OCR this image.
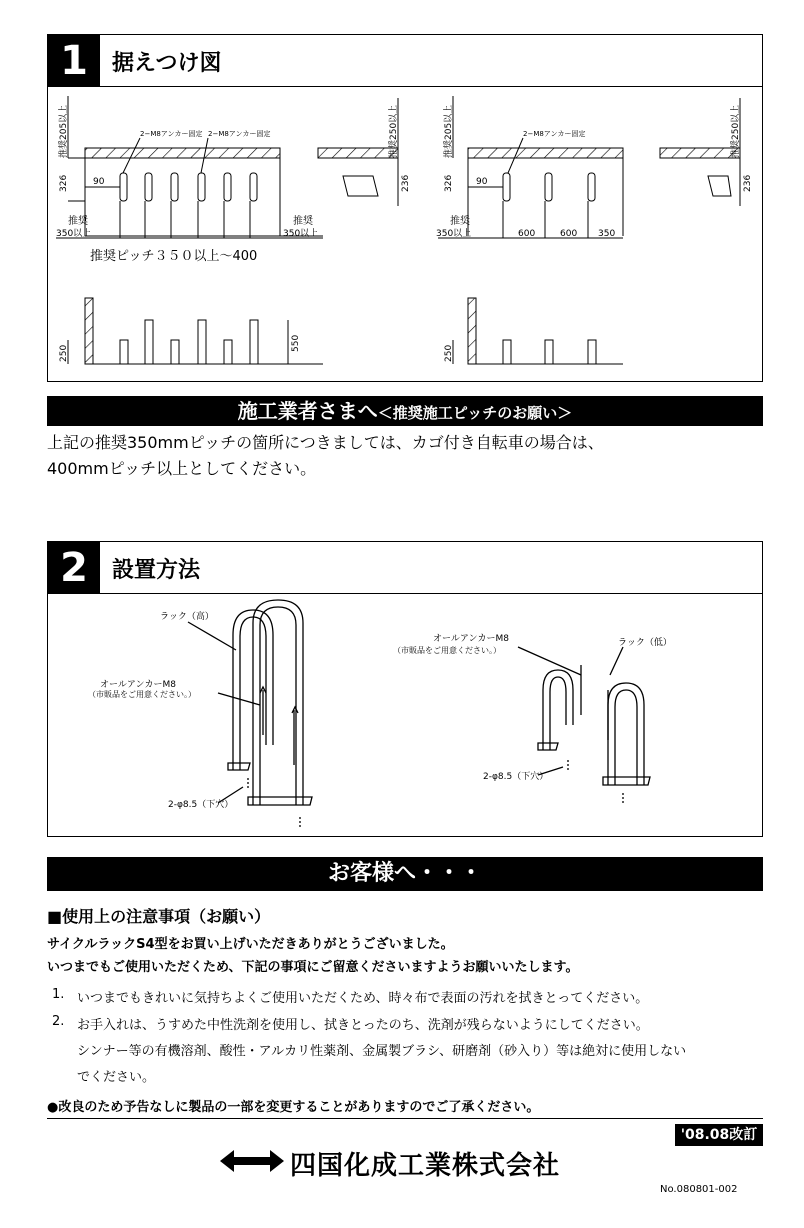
1	据えつけ図
推奨205以上	推奨250以上
2−M8アンカー固定 2−M8アンカー固定
326	90	236
推奨
350以上
推奨
350以上
推奨ピッチ３５０以上～400
250
550
推奨205以上	推奨250以上
2−M8アンカー固定
326 90	236
推奨
350以上	600	600 350
250
施工業者さまへ＜推奨施工ピッチのお願い＞
上記の推奨350mmピッチの箇所につきましては、カゴ付き自転車の場合は、
400mmピッチ以上としてください。
2	設置方法
ラック（高）
オールアンカーM8
（市販品をご用意ください。）
2-φ8.5（下穴）
オールアンカーM8
（市販品をご用意ください。）
ラック（低）
2-φ8.5（下穴）
お客様へ・・・
■使用上の注意事項（お願い）
サイクルラックS4型をお買い上げいただきありがとうございました。
いつまでもご使用いただくため、下記の事項にご留意くださいますようお願いいたします。
1. いつまでもきれいに気持ちよくご使用いただくため、時々布で表面の汚れを拭きとってください。
2. お手入れは、うすめた中性洗剤を使用し、拭きとったのち、洗剤が残らないようにしてください。
シンナー等の有機溶剤、酸性・アルカリ性薬剤、金属製ブラシ、研磨剤（砂入り）等は絶対に使用しない
でください。
●改良のため予告なしに製品の一部を変更することがありますのでご了承ください。
'08.08改訂
四国化成工業株式会社
No.080801-002
